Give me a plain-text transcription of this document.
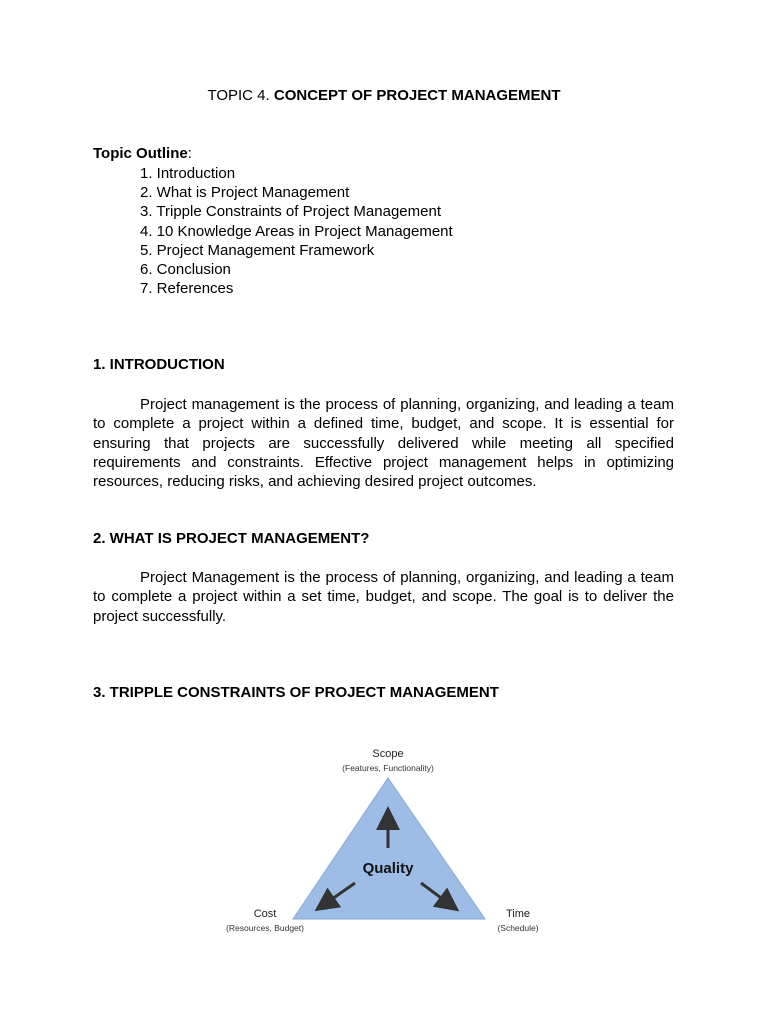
TOPIC 4. CONCEPT OF PROJECT MANAGEMENT
Topic Outline:
1. Introduction
2. What is Project Management
3. Tripple Constraints of Project Management
4. 10 Knowledge Areas in Project Management
5. Project Management Framework
6. Conclusion
7. References
1. INTRODUCTION

Project management is the process of planning, organizing, and leading a team to complete a project within a defined time, budget, and scope. It is essential for ensuring that projects are successfully delivered while meeting all specified requirements and constraints. Effective project management helps in optimizing resources, reducing risks, and achieving desired project outcomes.

2. WHAT IS PROJECT MANAGEMENT?

Project Management is the process of planning, organizing, and leading a team to complete a project within a set time, budget, and scope. The goal is to deliver the project successfully.

3. TRIPPLE CONSTRAINTS OF PROJECT MANAGEMENT
Quality
Scope
(Features, Functionality)
Cost
(Resources, Budget)
Time
(Schedule)
